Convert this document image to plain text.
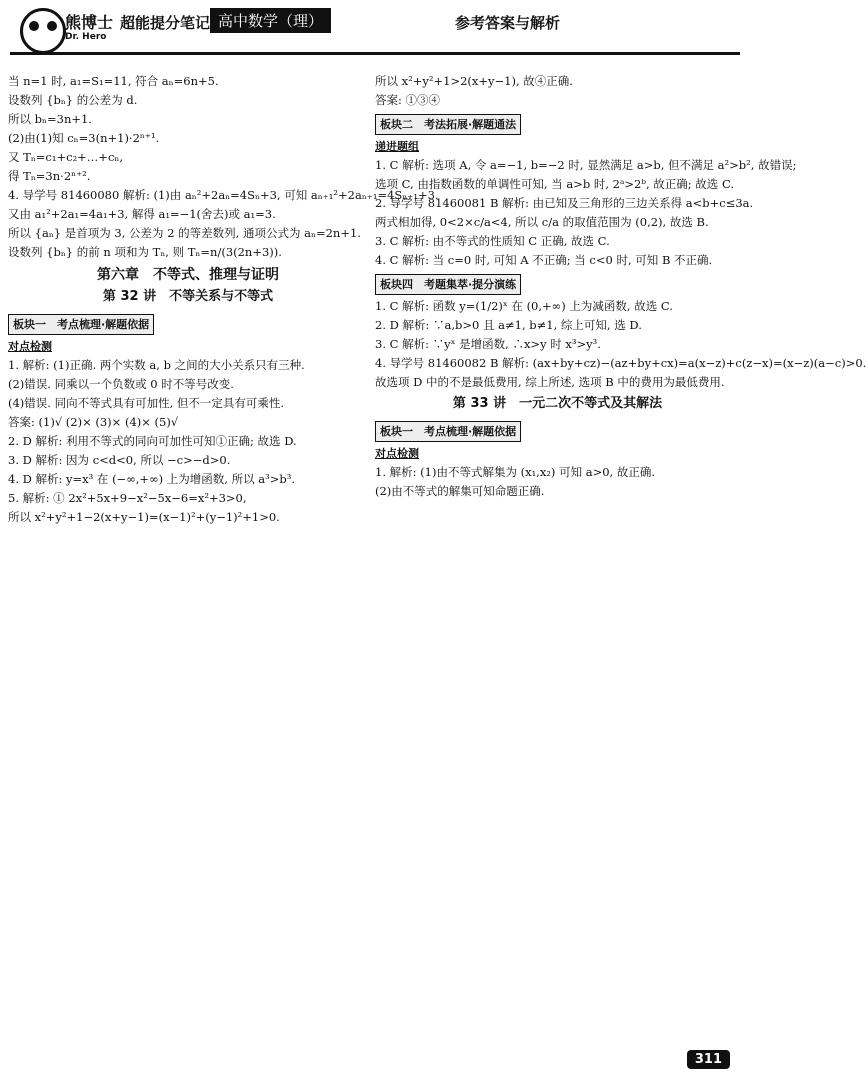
熊博士
Dr. Hero
超能提分笔记 高中数学（理）	参考答案与解析
当 n=1 时, a₁=S₁=11, 符合 aₙ=6n+5.
设数列 {bₙ} 的公差为 d.
所以 bₙ=3n+1.
(2)由(1)知 cₙ=3(n+1)·2ⁿ⁺¹.
又 Tₙ=c₁+c₂+…+cₙ,
得 Tₙ=3n·2ⁿ⁺².
4. 导学号 81460080 解析: (1)由 aₙ²+2aₙ=4Sₙ+3, 可知 aₙ₊₁²+2aₙ₊₁=4Sₙ₊₁+3.
又由 a₁²+2a₁=4a₁+3, 解得 a₁=−1(舍去)或 a₁=3.
所以 {aₙ} 是首项为 3, 公差为 2 的等差数列, 通项公式为 aₙ=2n+1.
设数列 {bₙ} 的前 n 项和为 Tₙ, 则 Tₙ=n/(3(2n+3)).
第六章　不等式、推理与证明
第 32 讲　不等关系与不等式
板块一　考点梳理·解题依据
对点检测
1. 解析: (1)正确. 两个实数 a, b 之间的大小关系只有三种.
(2)错误. 同乘以一个负数或 0 时不等号改变.
(4)错误. 同向不等式具有可加性, 但不一定具有可乘性.
答案: (1)√ (2)× (3)× (4)× (5)√
2. D 解析: 利用不等式的同向可加性可知①正确; 故选 D.
3. D 解析: 因为 c<d<0, 所以 −c>−d>0.
4. D 解析: y=x³ 在 (−∞,+∞) 上为增函数, 所以 a³>b³.
5. 解析: ① 2x²+5x+9−x²−5x−6=x²+3>0,
所以 x²+y²+1−2(x+y−1)=(x−1)²+(y−1)²+1>0.
所以 x²+y²+1>2(x+y−1), 故④正确.
答案: ①③④
板块二　考法拓展·解题通法
递进题组
1. C 解析: 选项 A, 令 a=−1, b=−2 时, 显然满足 a>b, 但不满足 a²>b², 故错误;
选项 C, 由指数函数的单调性可知, 当 a>b 时, 2ᵃ>2ᵇ, 故正确; 故选 C.
2. 导学号 81460081 B 解析: 由已知及三角形的三边关系得 a<b+c≤3a.
两式相加得, 0<2×c/a<4, 所以 c/a 的取值范围为 (0,2), 故选 B.
3. C 解析: 由不等式的性质知 C 正确, 故选 C.
4. C 解析: 当 c=0 时, 可知 A 不正确; 当 c<0 时, 可知 B 不正确.
板块四　考题集萃·提分演练
1. C 解析: 函数 y=(1/2)ˣ 在 (0,+∞) 上为减函数, 故选 C.
2. D 解析: ∵a,b>0 且 a≠1, b≠1, 综上可知, 选 D.
3. C 解析: ∵yˣ 是增函数, ∴x>y 时 x³>y³.
4. 导学号 81460082 B 解析: (ax+by+cz)−(az+by+cx)=a(x−z)+c(z−x)=(x−z)(a−c)>0.
故选项 D 中的不是最低费用, 综上所述, 选项 B 中的费用为最低费用.
第 33 讲　一元二次不等式及其解法
板块一　考点梳理·解题依据
对点检测
1. 解析: (1)由不等式解集为 (x₁,x₂) 可知 a>0, 故正确.
(2)由不等式的解集可知命题正确.
311
